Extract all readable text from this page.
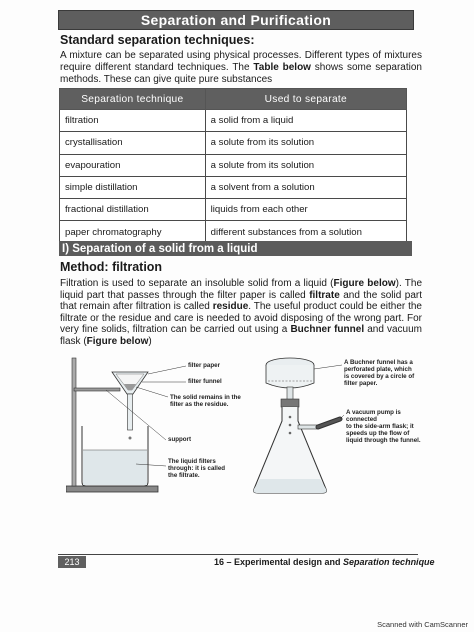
Separation and Purification
Standard separation techniques:

A mixture can be separated using physical processes. Different types of mixtures require different standard techniques. The Table below shows some separation methods. These can give quite pure substances

Separation technique	Used to separate
filtration	a solid from a liquid
crystallisation	a solute from its solution
evapouration	a solute from its solution
simple distillation	a solvent from a solution
fractional distillation	liquids from each other
paper chromatography	different substances from a solution
I) Separation of a solid from a liquid
Method: filtration

Filtration is used to separate an insoluble solid from a liquid (Figure below). The liquid part that passes through the filter paper is called filtrate and the solid part that remain after filtration is called residue. The useful product could be either the filtrate or the residue and care is needed to avoid disposing of the wrong part. For very fine solids, filtration can be carried out using a Buchner funnel and vacuum flask (Figure below)

filter paper
filter funnel
The solid remains in the
filter as the residue.
support
The liquid filters
through: it is called
the filtrate.
A Buchner funnel has a
perforated plate, which
is covered by a circle of
filter paper.
A vacuum pump is connected
to the side-arm flask; it
speeds up the flow of
liquid through the funnel.
213	16 – Experimental design and Separation technique
Scanned with CamScanner
